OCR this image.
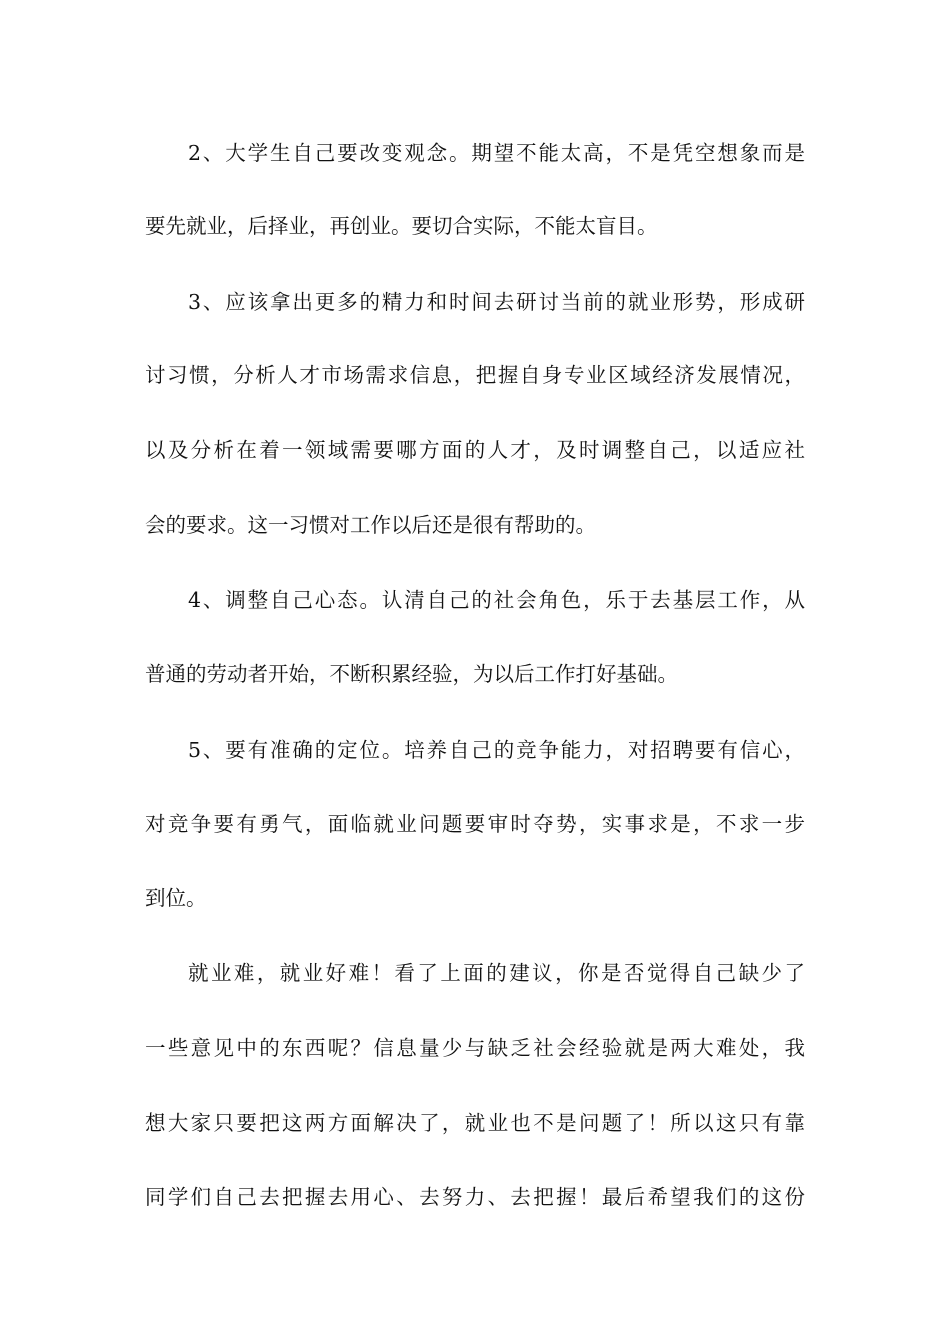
2、大学生自己要改变观念。期望不能太高，不是凭空想象而是
要先就业，后择业，再创业。要切合实际，不能太盲目。
3、应该拿出更多的精力和时间去研讨当前的就业形势，形成研
讨习惯，分析人才市场需求信息，把握自身专业区域经济发展情况，
以及分析在着一领域需要哪方面的人才，及时调整自己，以适应社
会的要求。这一习惯对工作以后还是很有帮助的。
4、调整自己心态。认清自己的社会角色，乐于去基层工作，从
普通的劳动者开始，不断积累经验，为以后工作打好基础。
5、要有准确的定位。培养自己的竞争能力，对招聘要有信心，
对竞争要有勇气，面临就业问题要审时夺势，实事求是，不求一步
到位。
就业难，就业好难！看了上面的建议，你是否觉得自己缺少了
一些意见中的东西呢？信息量少与缺乏社会经验就是两大难处，我
想大家只要把这两方面解决了，就业也不是问题了！所以这只有靠
同学们自己去把握去用心、去努力、去把握！最后希望我们的这份
